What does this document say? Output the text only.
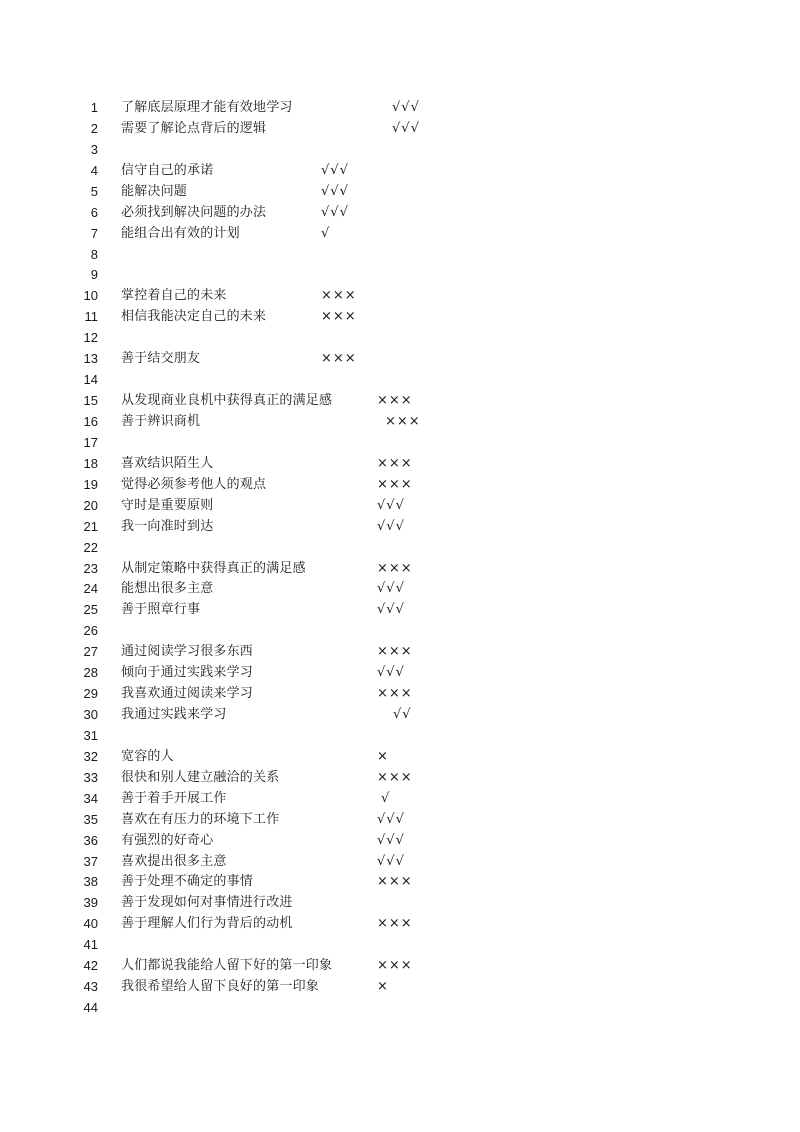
1 了解底层原理才能有效地学习	√√√
2 需要了解论点背后的逻辑	√√√
3
4 信守自己的承诺	√√√
5 能解决问题	√√√
6 必须找到解决问题的办法	√√√
7 能组合出有效的计划	√
8
9
10 掌控着自己的未来	×××
11 相信我能决定自己的未来	×××
12
13 善于结交朋友	×××
14
15 从发现商业良机中获得真正的满足感	×××
16 善于辨识商机	×××
17
18 喜欢结识陌生人	×××
19 觉得必须参考他人的观点	×××
20 守时是重要原则	√√√
21 我一向准时到达	√√√
22
23 从制定策略中获得真正的满足感	×××
24 能想出很多主意	√√√
25 善于照章行事	√√√
26
27 通过阅读学习很多东西	×××
28 倾向于通过实践来学习	√√√
29 我喜欢通过阅读来学习	×××
30 我通过实践来学习	√√
31
32 宽容的人	×
33 很快和别人建立融洽的关系	×××
34 善于着手开展工作	√
35 喜欢在有压力的环境下工作	√√√
36 有强烈的好奇心	√√√
37 喜欢提出很多主意	√√√
38 善于处理不确定的事情	×××
39 善于发现如何对事情进行改进
40 善于理解人们行为背后的动机	×××
41
42 人们都说我能给人留下好的第一印象	×××
43 我很希望给人留下良好的第一印象	×
44
